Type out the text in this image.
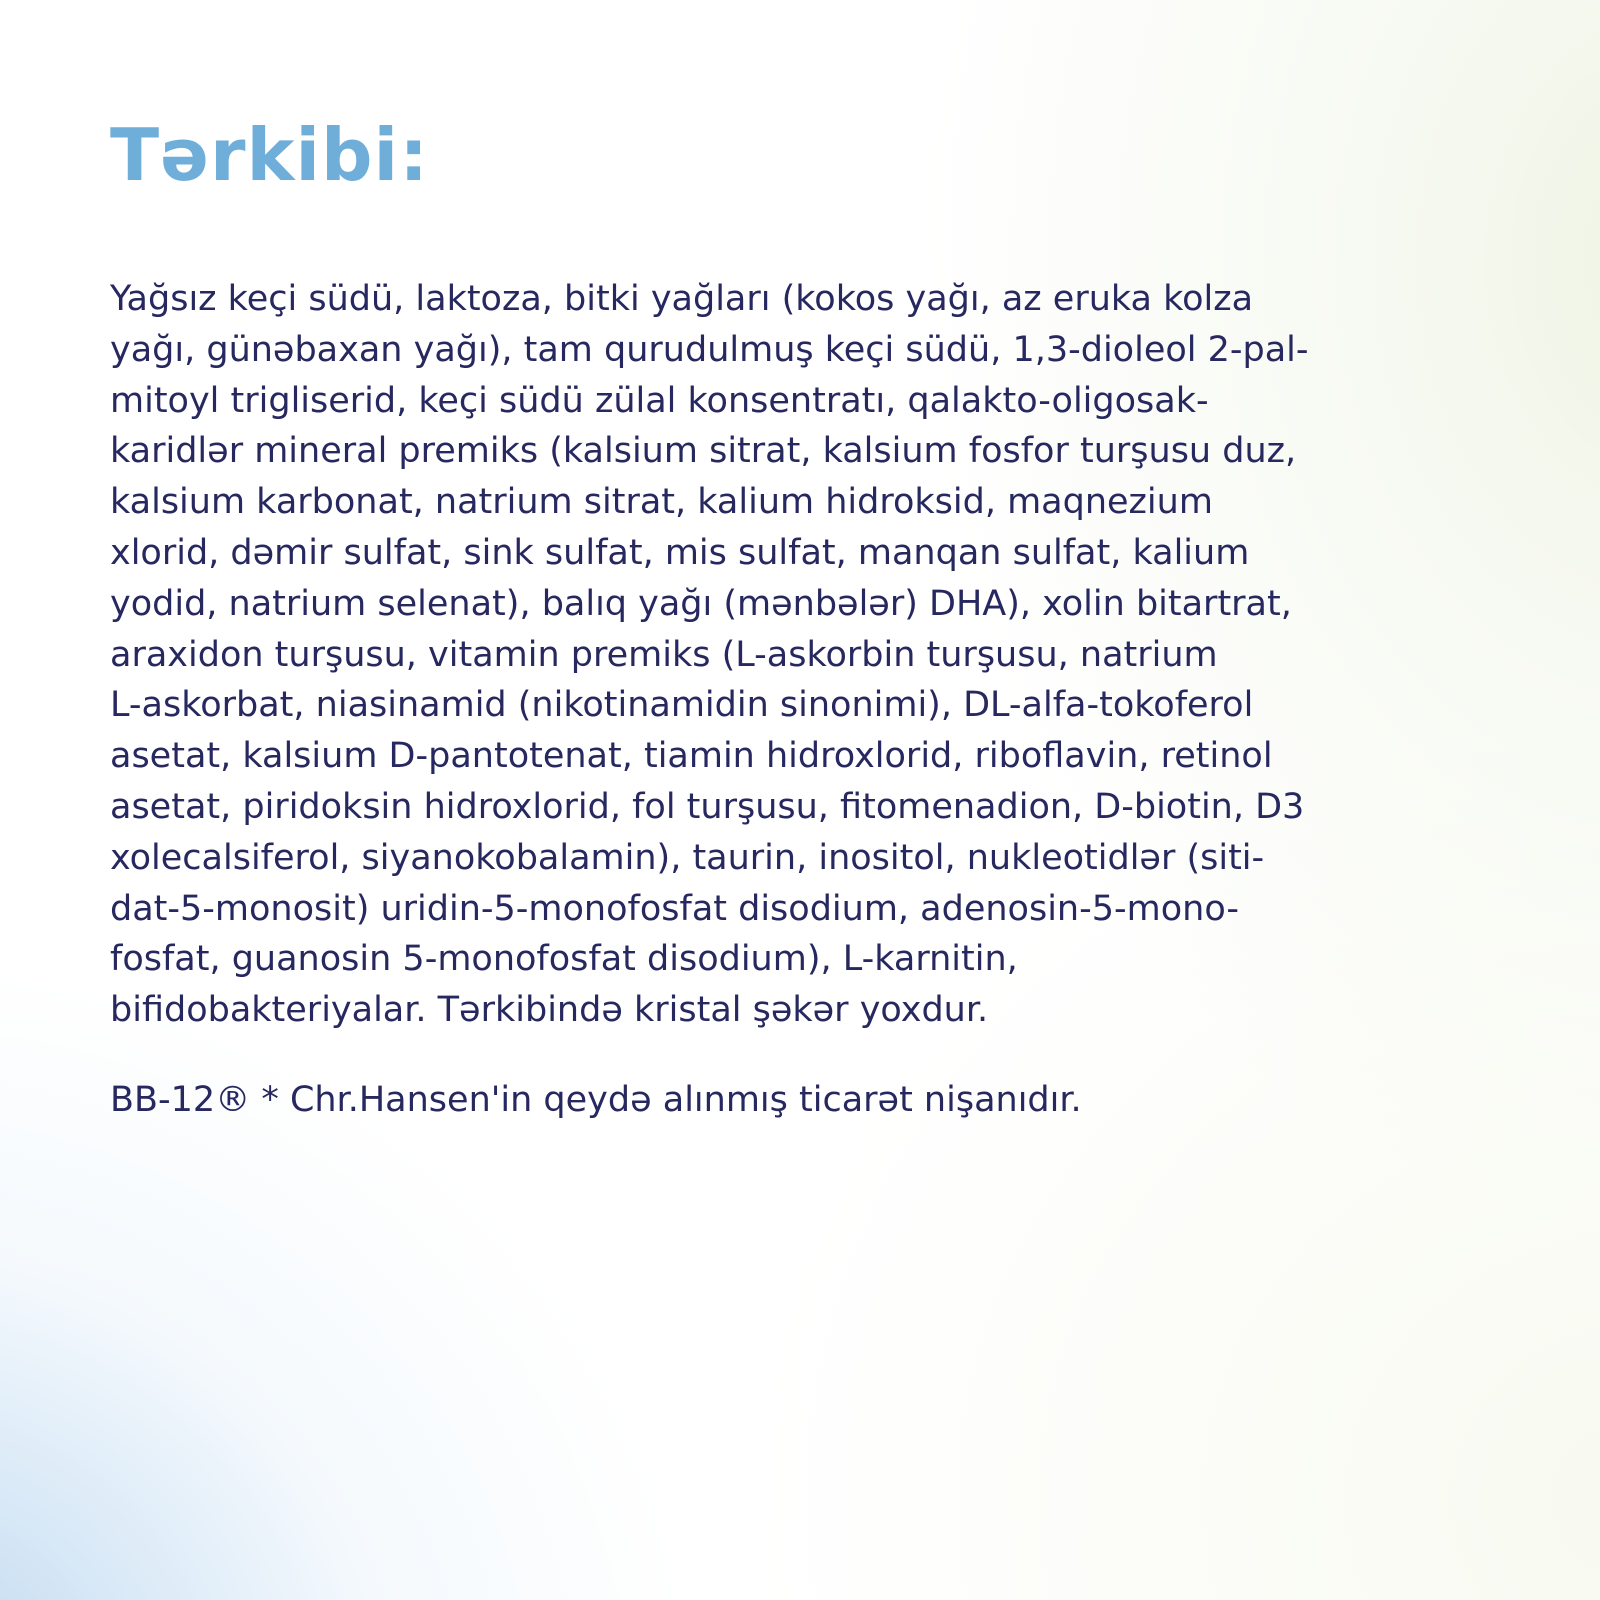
Tərkibi:

Yağsız keçi südü, laktoza, bitki yağları (kokos yağı, az eruka kolza
yağı, günəbaxan yağı), tam qurudulmuş keçi südü, 1,3-dioleol 2-pal-
mitoyl trigliserid, keçi südü zülal konsentratı, qalakto-oligosak-
karidlər mineral premiks (kalsium sitrat, kalsium fosfor turşusu duz,
kalsium karbonat, natrium sitrat, kalium hidroksid, maqnezium
xlorid, dəmir sulfat, sink sulfat, mis sulfat, manqan sulfat, kalium
yodid, natrium selenat), balıq yağı (mənbələr) DHA), xolin bitartrat,
araxidon turşusu, vitamin premiks (L-askorbin turşusu, natrium
L-askorbat, niasinamid (nikotinamidin sinonimi), DL-alfa-tokoferol
asetat, kalsium D-pantotenat, tiamin hidroxlorid, riboflavin, retinol
asetat, piridoksin hidroxlorid, fol turşusu, fitomenadion, D-biotin, D3
xolecalsiferol, siyanokobalamin), taurin, inositol, nukleotidlər (siti-
dat-5-monosit) uridin-5-monofosfat disodium, adenosin-5-mono-
fosfat, guanosin 5-monofosfat disodium), L-karnitin,
bifidobakteriyalar. Tərkibində kristal şəkər yoxdur.

BB-12® * Chr.Hansen'in qeydə alınmış ticarət nişanıdır.
